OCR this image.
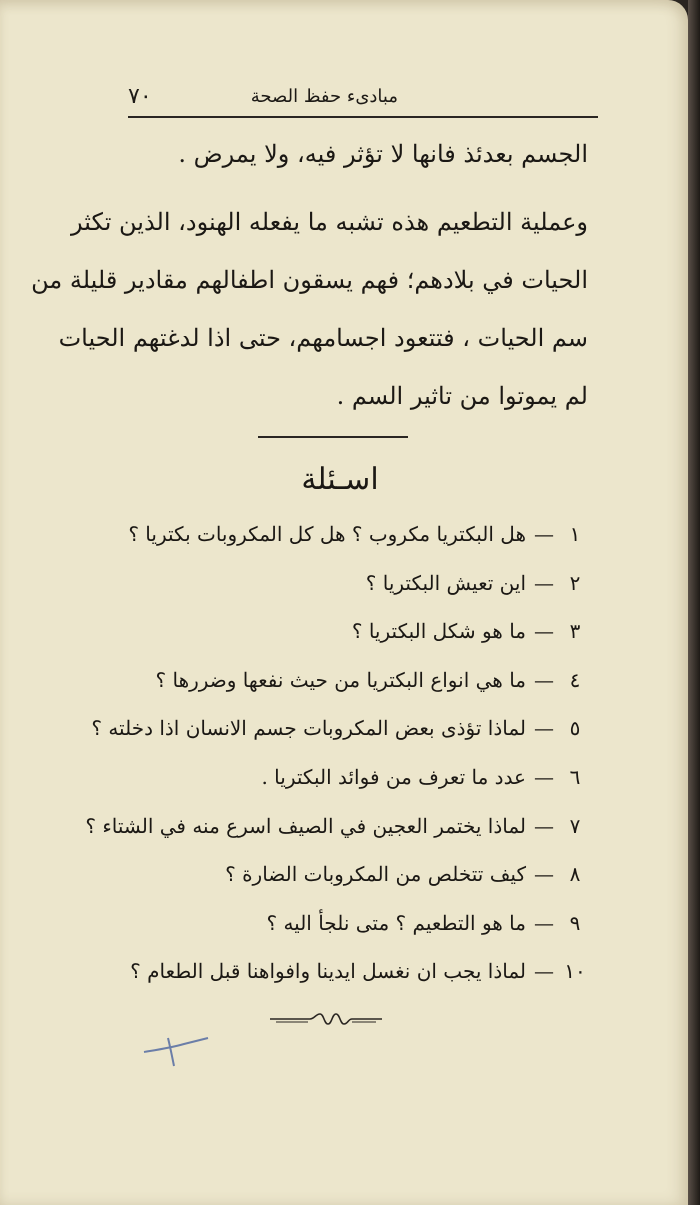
٧٠	مبادیء حفظ الصحة
الجسم بعدئذ فانها لا تؤثر فيه، ولا يمرض .
وعملية التطعيم هذه تشبه ما يفعله الهنود، الذين تكثر
الحيات في بلادهم؛ فهم يسقون اطفالهم مقادير قليلة من
سم الحيات ، فتتعود اجسامهم، حتى اذا لدغتهم الحيات
لم يموتوا من تاثير السم .
اسـئلة
١—هل البكتريا مكروب ؟ هل كل المكروبات بكتريا ؟
٢—اين تعيش البكتريا ؟
٣—ما هو شكل البكتريا ؟
٤—ما هي انواع البكتريا من حيث نفعها وضررها ؟
٥—لماذا تؤذى بعض المكروبات جسم الانسان اذا دخلته ؟
٦—عدد ما تعرف من فوائد البكتريا .
٧—لماذا يختمر العجين في الصيف اسرع منه في الشتاء ؟
٨—كيف تتخلص من المكروبات الضارة ؟
٩—ما هو التطعيم ؟ متى نلجأ اليه ؟
١٠—لماذا يجب ان نغسل ايدينا وافواهنا قبل الطعام ؟
